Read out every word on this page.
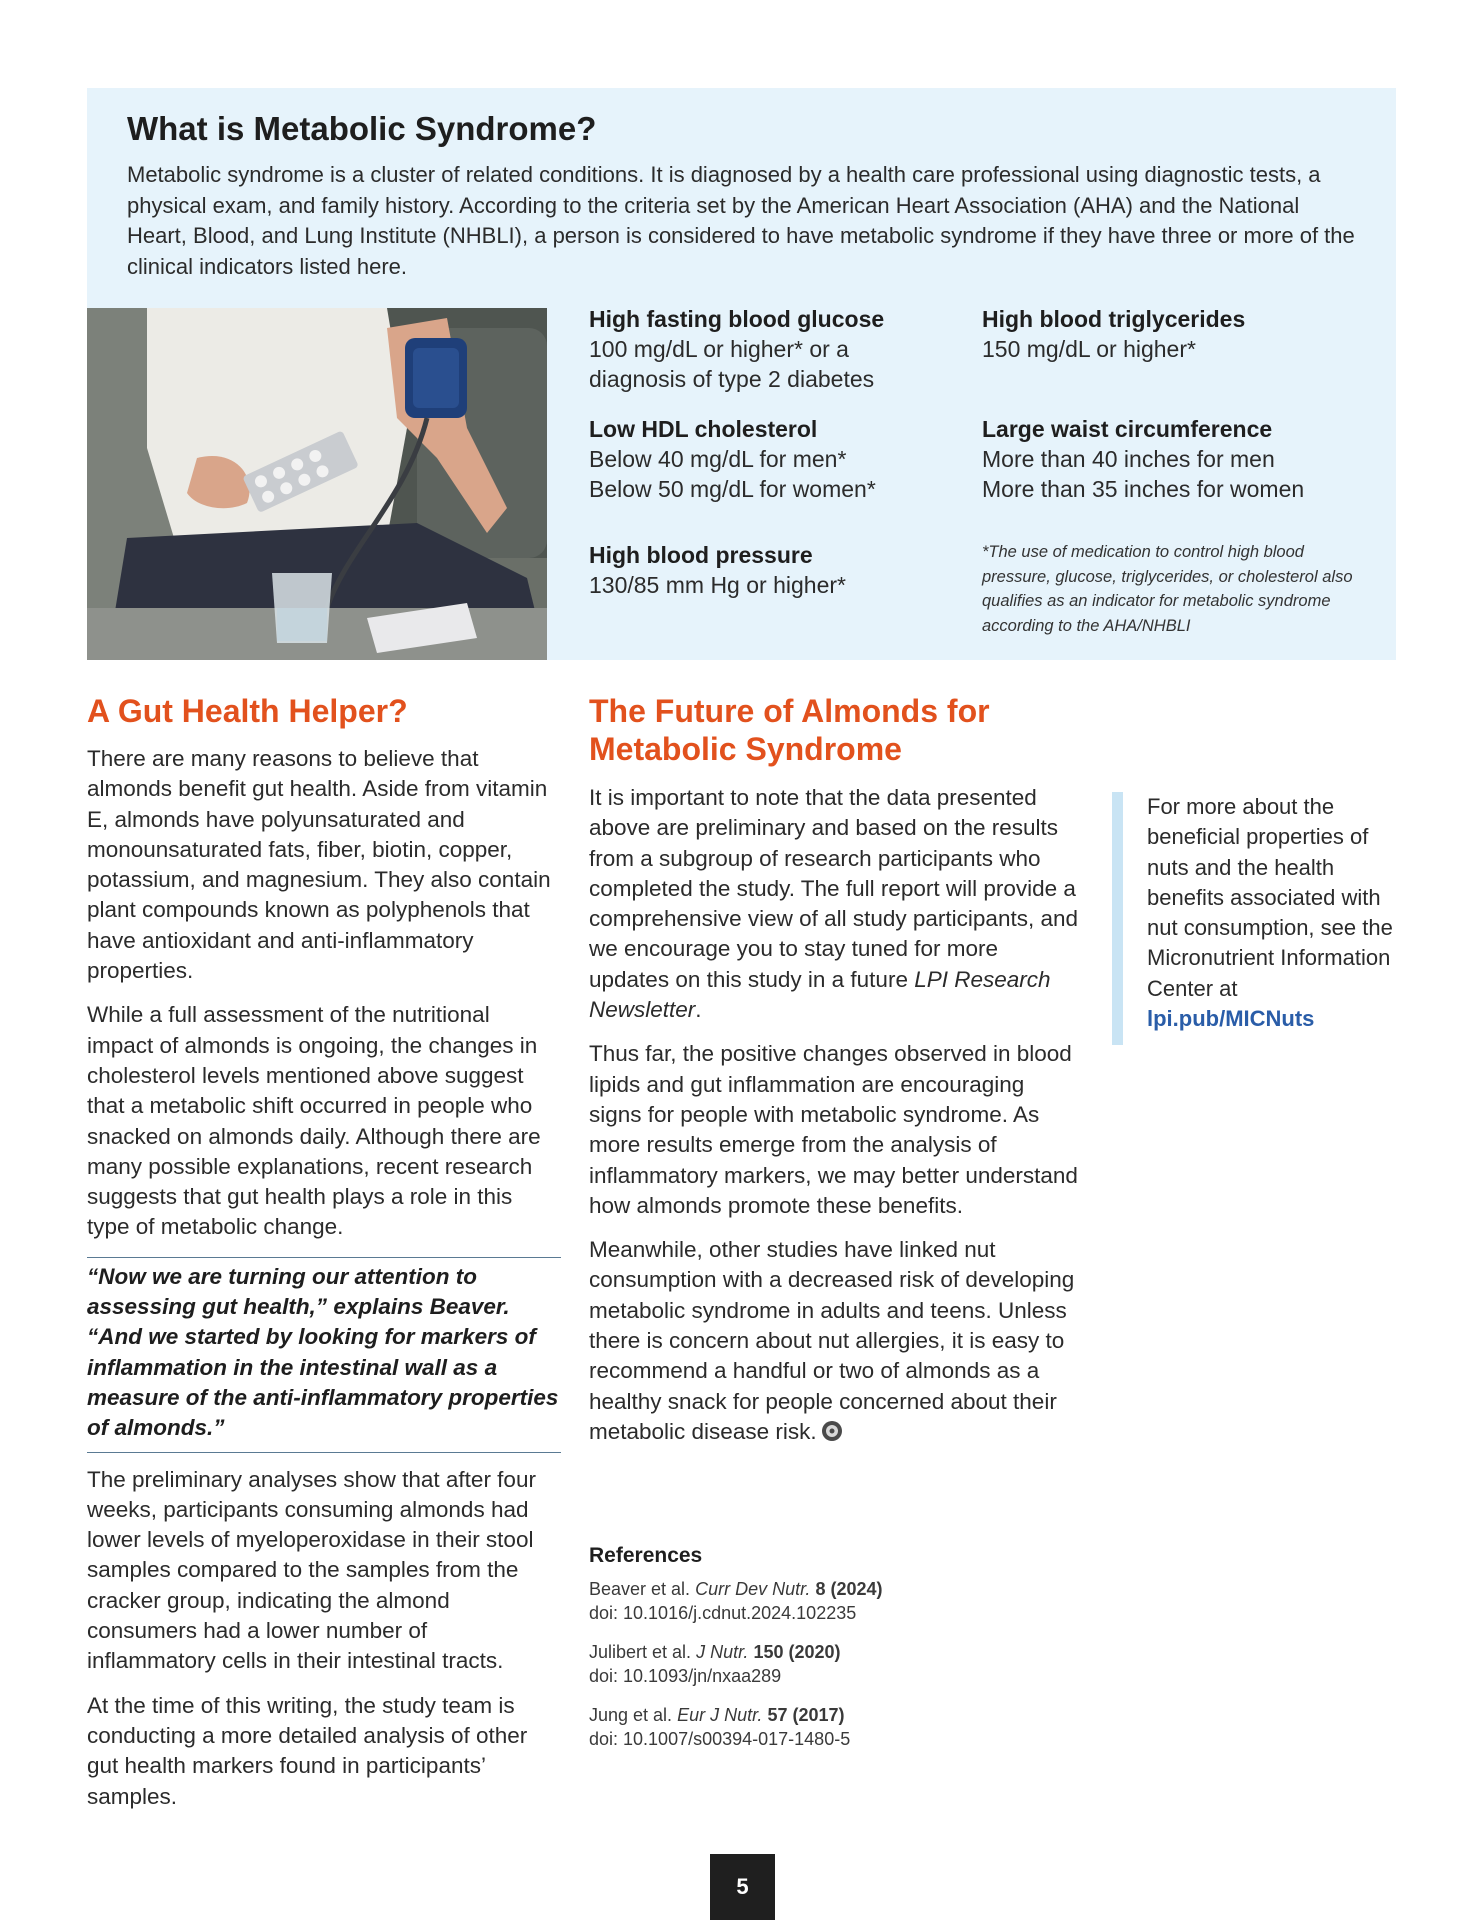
What is Metabolic Syndrome?

Metabolic syndrome is a cluster of related conditions. It is diagnosed by a health care professional using diagnostic tests, a physical exam, and family history. According to the criteria set by the American Heart Association (AHA) and the National Heart, Blood, and Lung Institute (NHBLI), a person is considered to have metabolic syndrome if they have three or more of the clinical indicators listed here.

High fasting blood glucose
100 mg/dL or higher* or a
diagnosis of type 2 diabetes
High blood triglycerides
150 mg/dL or higher*
Low HDL cholesterol
Below 40 mg/dL for men*
Below 50 mg/dL for women*
Large waist circumference
More than 40 inches for men
More than 35 inches for women
High blood pressure
130/85 mm Hg or higher*
*The use of medication to control high blood pressure, glucose, triglycerides, or cholesterol also qualifies as an indicator for metabolic syndrome according to the AHA/NHBLI
A Gut Health Helper?

There are many reasons to believe that almonds benefit gut health. Aside from vitamin E, almonds have polyunsaturated and monounsaturated fats, fiber, biotin, copper, potassium, and magnesium. They also contain plant compounds known as polyphenols that have antioxidant and anti-inflammatory properties.

While a full assessment of the nutritional impact of almonds is ongoing, the changes in cholesterol levels mentioned above suggest that a metabolic shift occurred in people who snacked on almonds daily. Although there are many possible explanations, recent research suggests that gut health plays a role in this type of metabolic change.

“Now we are turning our attention to assessing gut health,” explains Beaver. “And we started by looking for markers of inflammation in the intestinal wall as a measure of the anti-inflammatory properties of almonds.”

The preliminary analyses show that after four weeks, participants consuming almonds had lower levels of myeloperoxidase in their stool samples compared to the samples from the cracker group, indicating the almond consumers had a lower number of inflammatory cells in their intestinal tracts.

At the time of this writing, the study team is conducting a more detailed analysis of other gut health markers found in participants’ samples.

The Future of Almonds for Metabolic Syndrome

It is important to note that the data presented above are preliminary and based on the results from a subgroup of research participants who completed the study. The full report will provide a comprehensive view of all study participants, and we encourage you to stay tuned for more updates on this study in a future LPI Research Newsletter.

Thus far, the positive changes observed in blood lipids and gut inflammation are encouraging signs for people with metabolic syndrome. As more results emerge from the analysis of inflammatory markers, we may better understand how almonds promote these benefits.

Meanwhile, other studies have linked nut consumption with a decreased risk of developing metabolic syndrome in adults and teens. Unless there is concern about nut allergies, it is easy to recommend a handful or two of almonds as a healthy snack for people concerned about their metabolic disease risk.

For more about the beneficial properties of nuts and the health benefits associated with nut consumption, see the Micronutrient Information Center at lpi.pub/MICNuts
References
Beaver et al. Curr Dev Nutr. 8 (2024)
doi: 10.1016/j.cdnut.2024.102235
Julibert et al. J Nutr. 150 (2020)
doi: 10.1093/jn/nxaa289
Jung et al. Eur J Nutr. 57 (2017)
doi: 10.1007/s00394-017-1480-5
5
